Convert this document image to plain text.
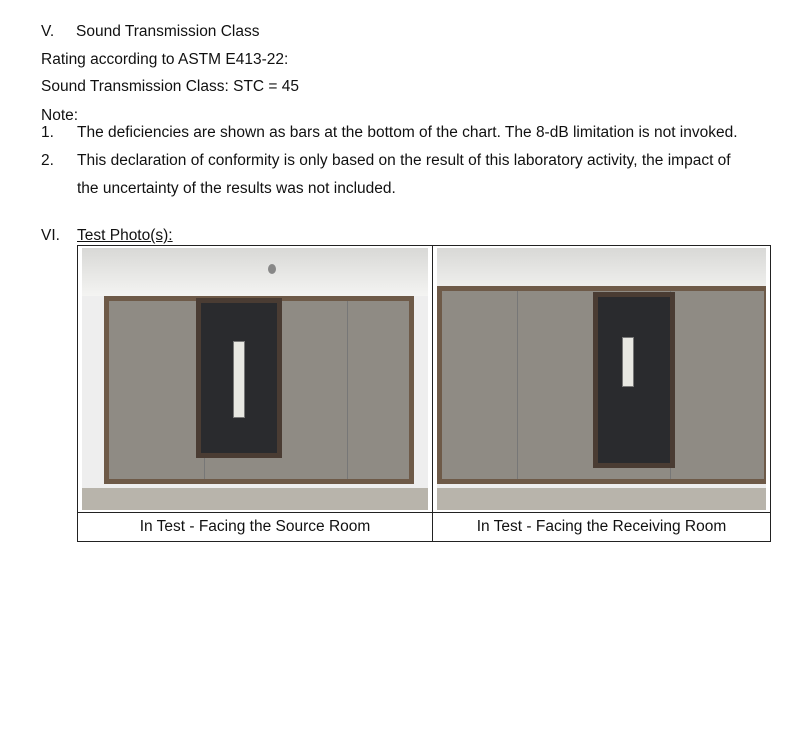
V. Sound Transmission Class
Rating according to ASTM E413-22:
Sound Transmission Class: STC = 45
Note:
1. The deficiencies are shown as bars at the bottom of the chart. The 8-dB limitation is not invoked.
2. This declaration of conformity is only based on the result of this laboratory activity, the impact of
the uncertainty of the results was not included.
VI. Test Photo(s):

In Test - Facing the Source Room	In Test - Facing the Receiving Room
